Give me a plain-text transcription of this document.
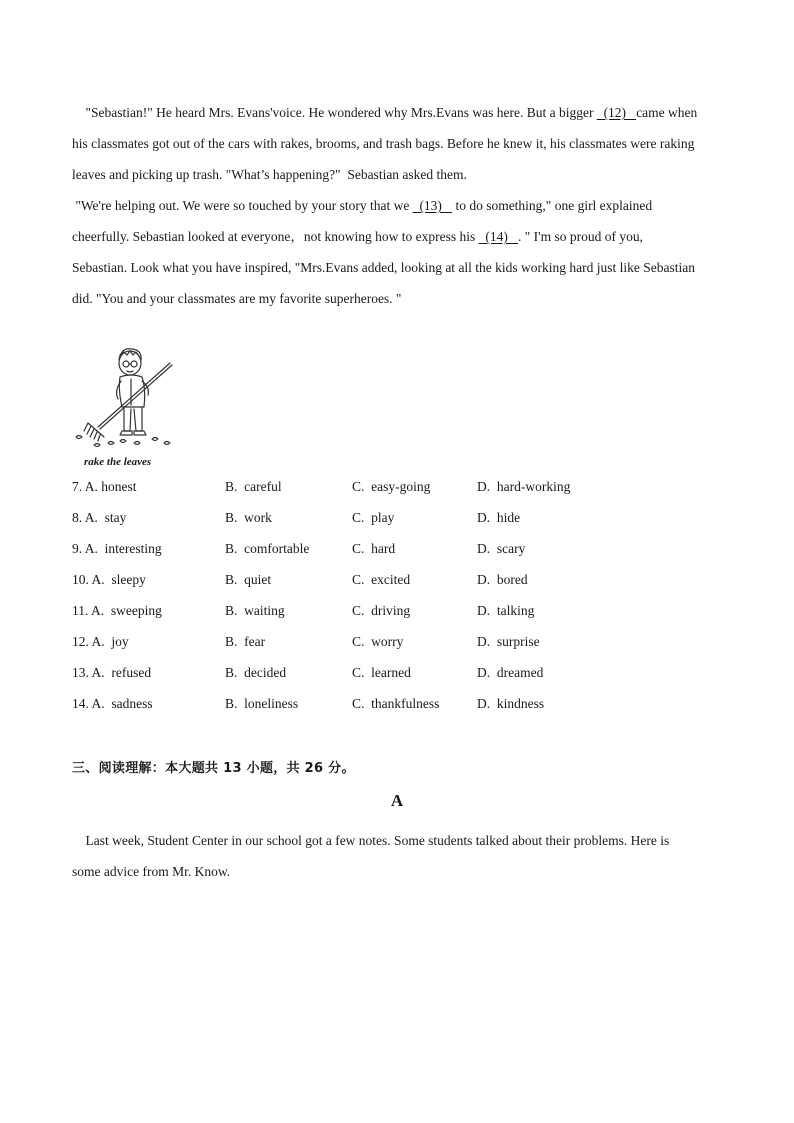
"Sebastian!" He heard Mrs. Evans'voice. He wondered why Mrs.Evans was here. But a bigger   (12)   came when
his classmates got out of the cars with rakes, brooms, and trash bags. Before he knew it, his classmates were raking
leaves and picking up trash. "What’s happening?"  Sebastian asked them.
"We're helping out. We were so touched by your story that we   (13)    to do something," one girl explained
cheerfully. Sebastian looked at everyone，not knowing how to express his   (14)   . " I'm so proud of you,
Sebastian. Look what you have inspired, "Mrs.Evans added, looking at all the kids working hard just like Sebastian
did. "You and your classmates are my favorite superheroes. "
rake the leaves
7. A. honest	B.  careful	C.  easy-going	D.  hard-working
8. A.  stay	B.  work	C.  play	D.  hide
9. A.  interesting	B.  comfortable	C.  hard	D.  scary
10. A.  sleepy	B.  quiet	C.  excited	D.  bored
11. A.  sweeping	B.  waiting	C.  driving	D.  talking
12. A.  joy	B.  fear	C.  worry	D.  surprise
13. A.  refused	B.  decided	C.  learned	D.  dreamed
14. A.  sadness	B.  loneliness	C.  thankfulness	D.  kindness
三、阅读理解：本大题共 13 小题，共 26 分。
A
Last week, Student Center in our school got a few notes. Some students talked about their problems. Here is
some advice from Mr. Know.
